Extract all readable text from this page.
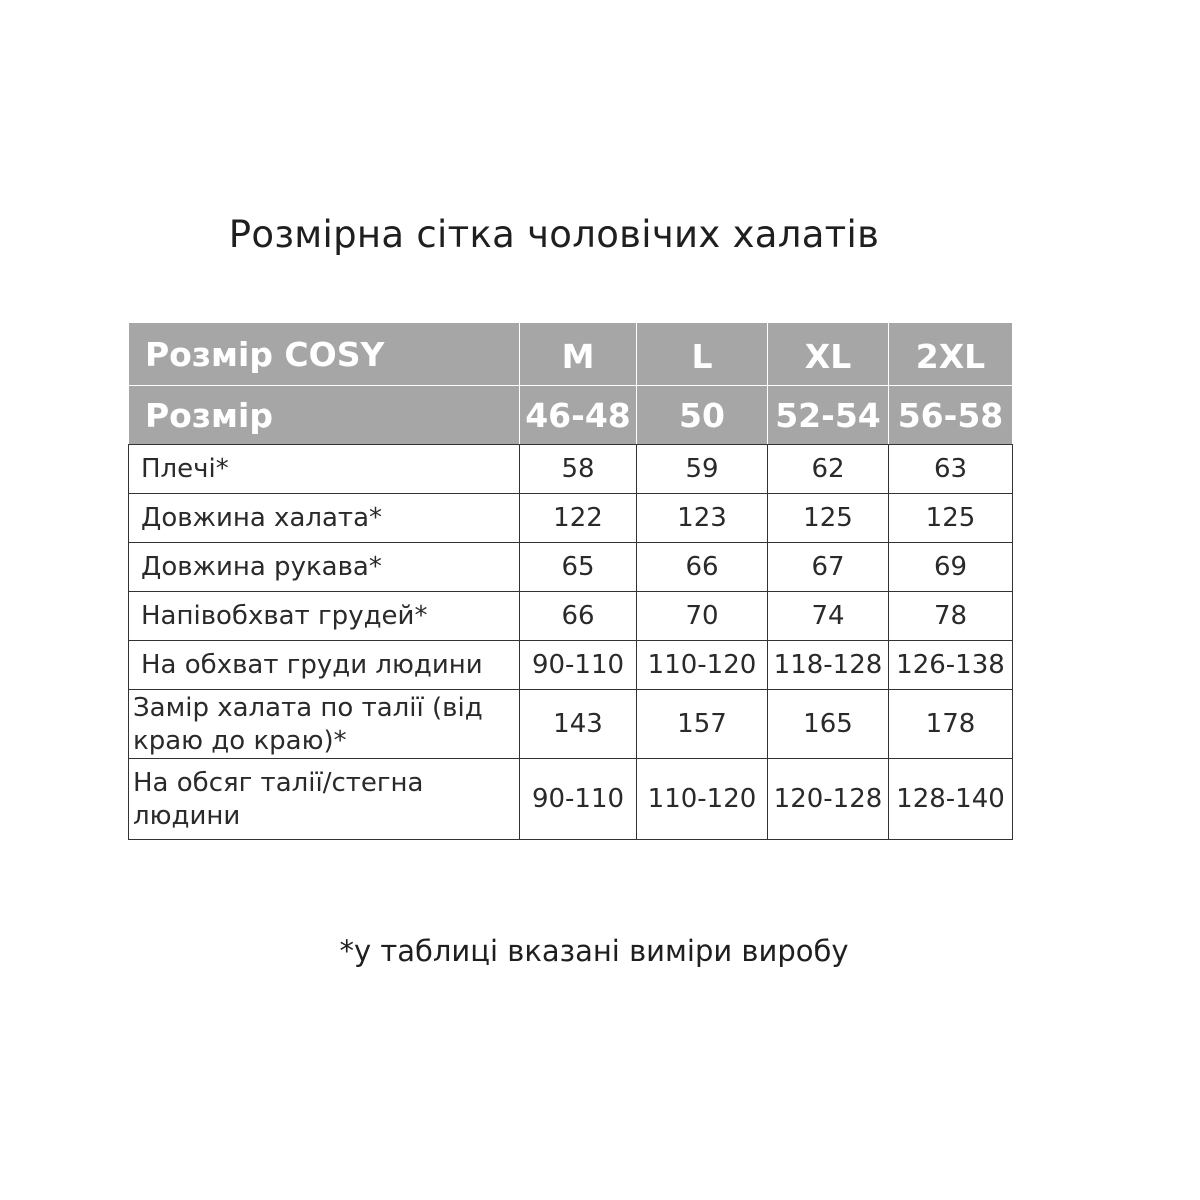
Розмірна сітка чоловічих халатів
Розмір COSY	M	L	XL	2XL
Розмір	46-48	50	52-54	56-58
Плечі*	58	59	62	63
Довжина халата*	122	123	125	125
Довжина рукава*	65	66	67	69
Напівобхват грудей*	66	70	74	78
На обхват груди людини	90-110	110-120	118-128	126-138
Замір халата по талії (від краю до краю)*	143	157	165	178
На обсяг талії/стегна людини	90-110	110-120	120-128	128-140
*у таблиці вказані виміри виробу
